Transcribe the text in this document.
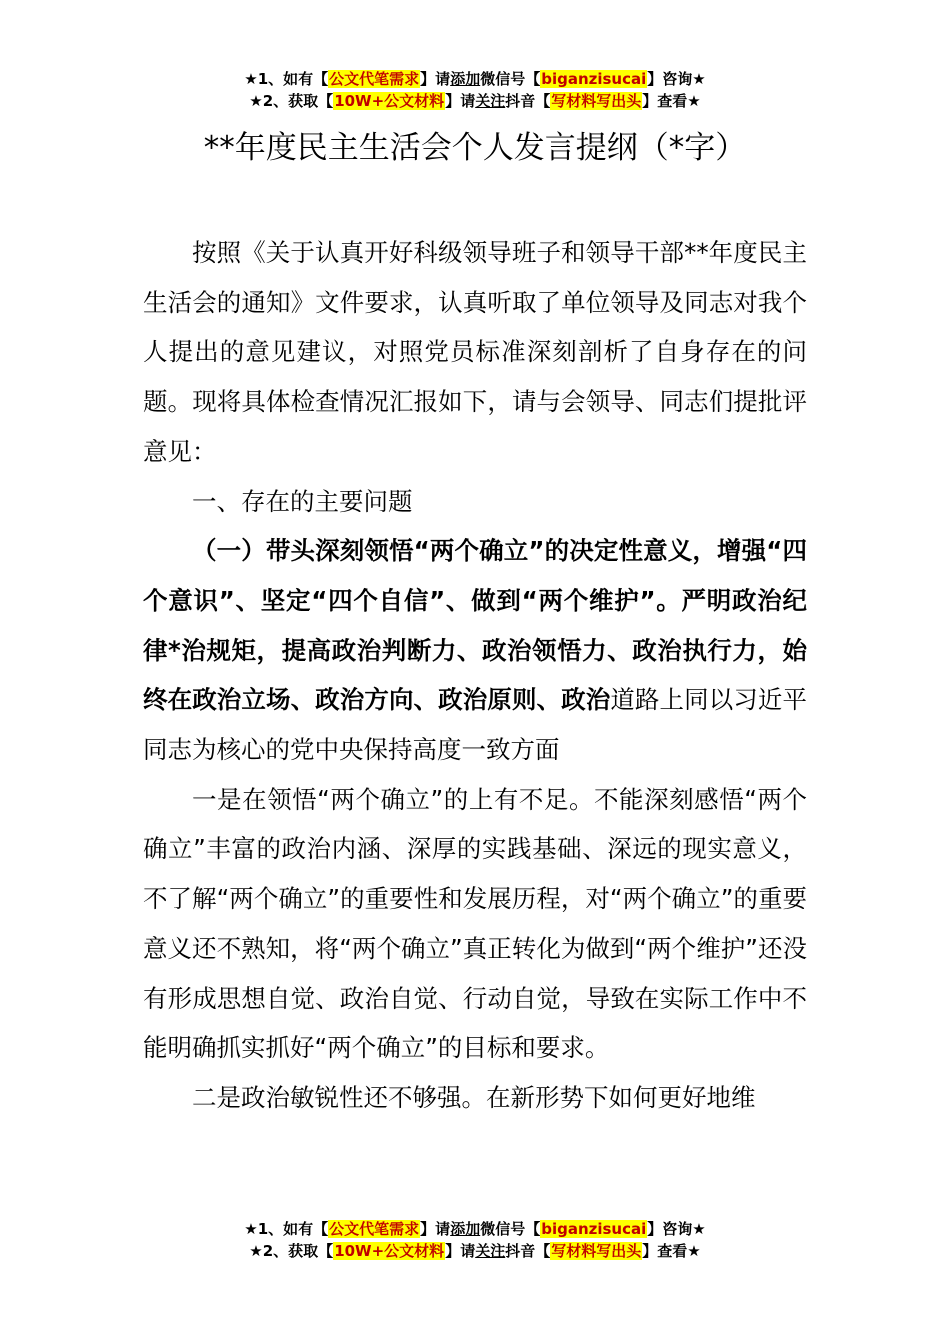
★1、如有【公文代笔需求】请添加微信号【biganzisucai】咨询★
★2、获取【10W+公文材料】请关注抖音【写材料写出头】查看★
**年度民主生活会个人发言提纲（*字）

按照《关于认真开好科级领导班子和领导干部**年度民主生活会的通知》文件要求，认真听取了单位领导及同志对我个人提出的意见建议，对照党员标准深刻剖析了自身存在的问题。现将具体检查情况汇报如下，请与会领导、同志们提批评意见：

一、存在的主要问题

（一）带头深刻领悟“两个确立”的决定性意义，增强“四个意识”、坚定“四个自信”、做到“两个维护”。严明政治纪律*治规矩，提高政治判断力、政治领悟力、政治执行力，始终在政治立场、政治方向、政治原则、政治道路上同以习近平同志为核心的党中央保持高度一致方面

一是在领悟“两个确立”的上有不足。不能深刻感悟“两个确立”丰富的政治内涵、深厚的实践基础、深远的现实意义，不了解“两个确立”的重要性和发展历程，对“两个确立”的重要意义还不熟知，将“两个确立”真正转化为做到“两个维护”还没有形成思想自觉、政治自觉、行动自觉，导致在实际工作中不能明确抓实抓好“两个确立”的目标和要求。

二是政治敏锐性还不够强。在新形势下如何更好地维

★1、如有【公文代笔需求】请添加微信号【biganzisucai】咨询★
★2、获取【10W+公文材料】请关注抖音【写材料写出头】查看★
